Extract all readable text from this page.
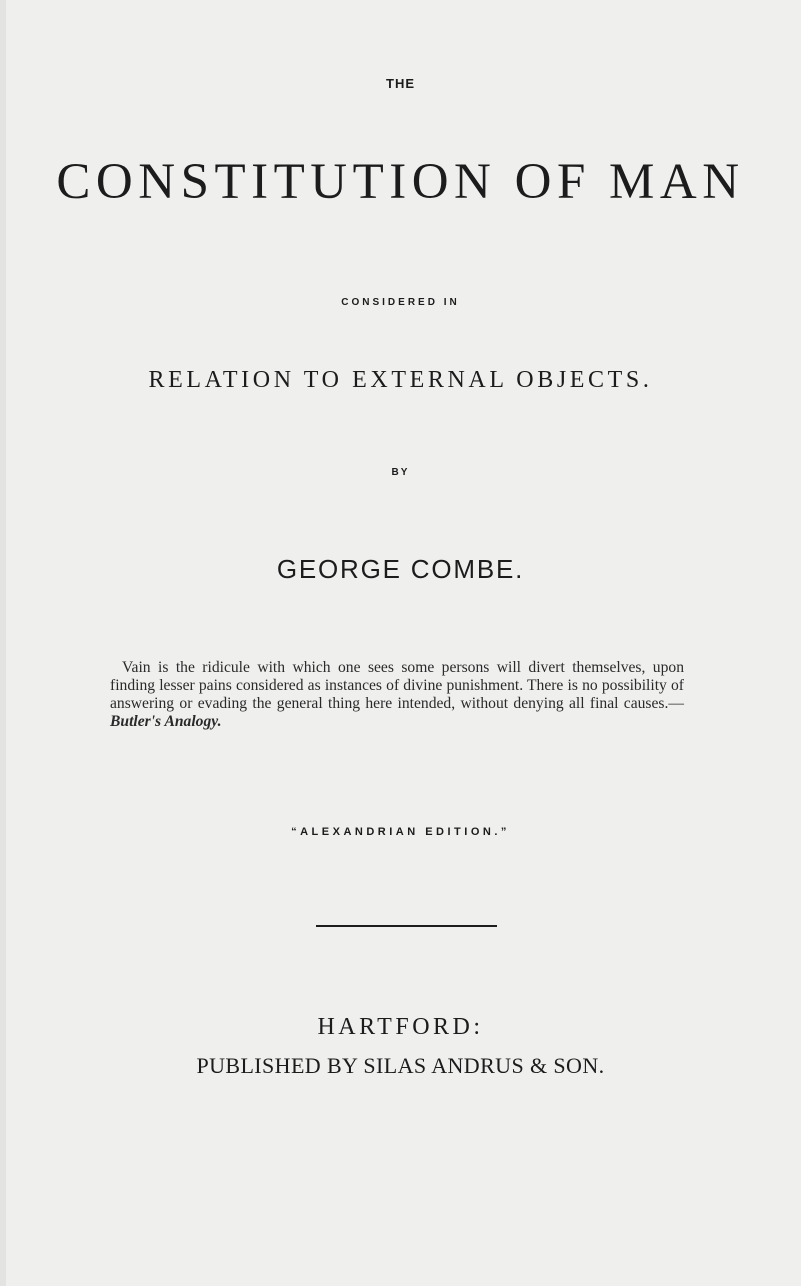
THE
CONSTITUTION OF MAN
CONSIDERED IN
RELATION TO EXTERNAL OBJECTS.
BY
GEORGE COMBE.
Vain is the ridicule with which one sees some persons will divert themselves, upon finding lesser pains considered as instances of divine punishment. There is no possibility of answering or evading the general thing here intended, without denying all final causes.—Butler's Analogy.
“ALEXANDRIAN EDITION.”
HARTFORD:
PUBLISHED BY SILAS ANDRUS & SON.
